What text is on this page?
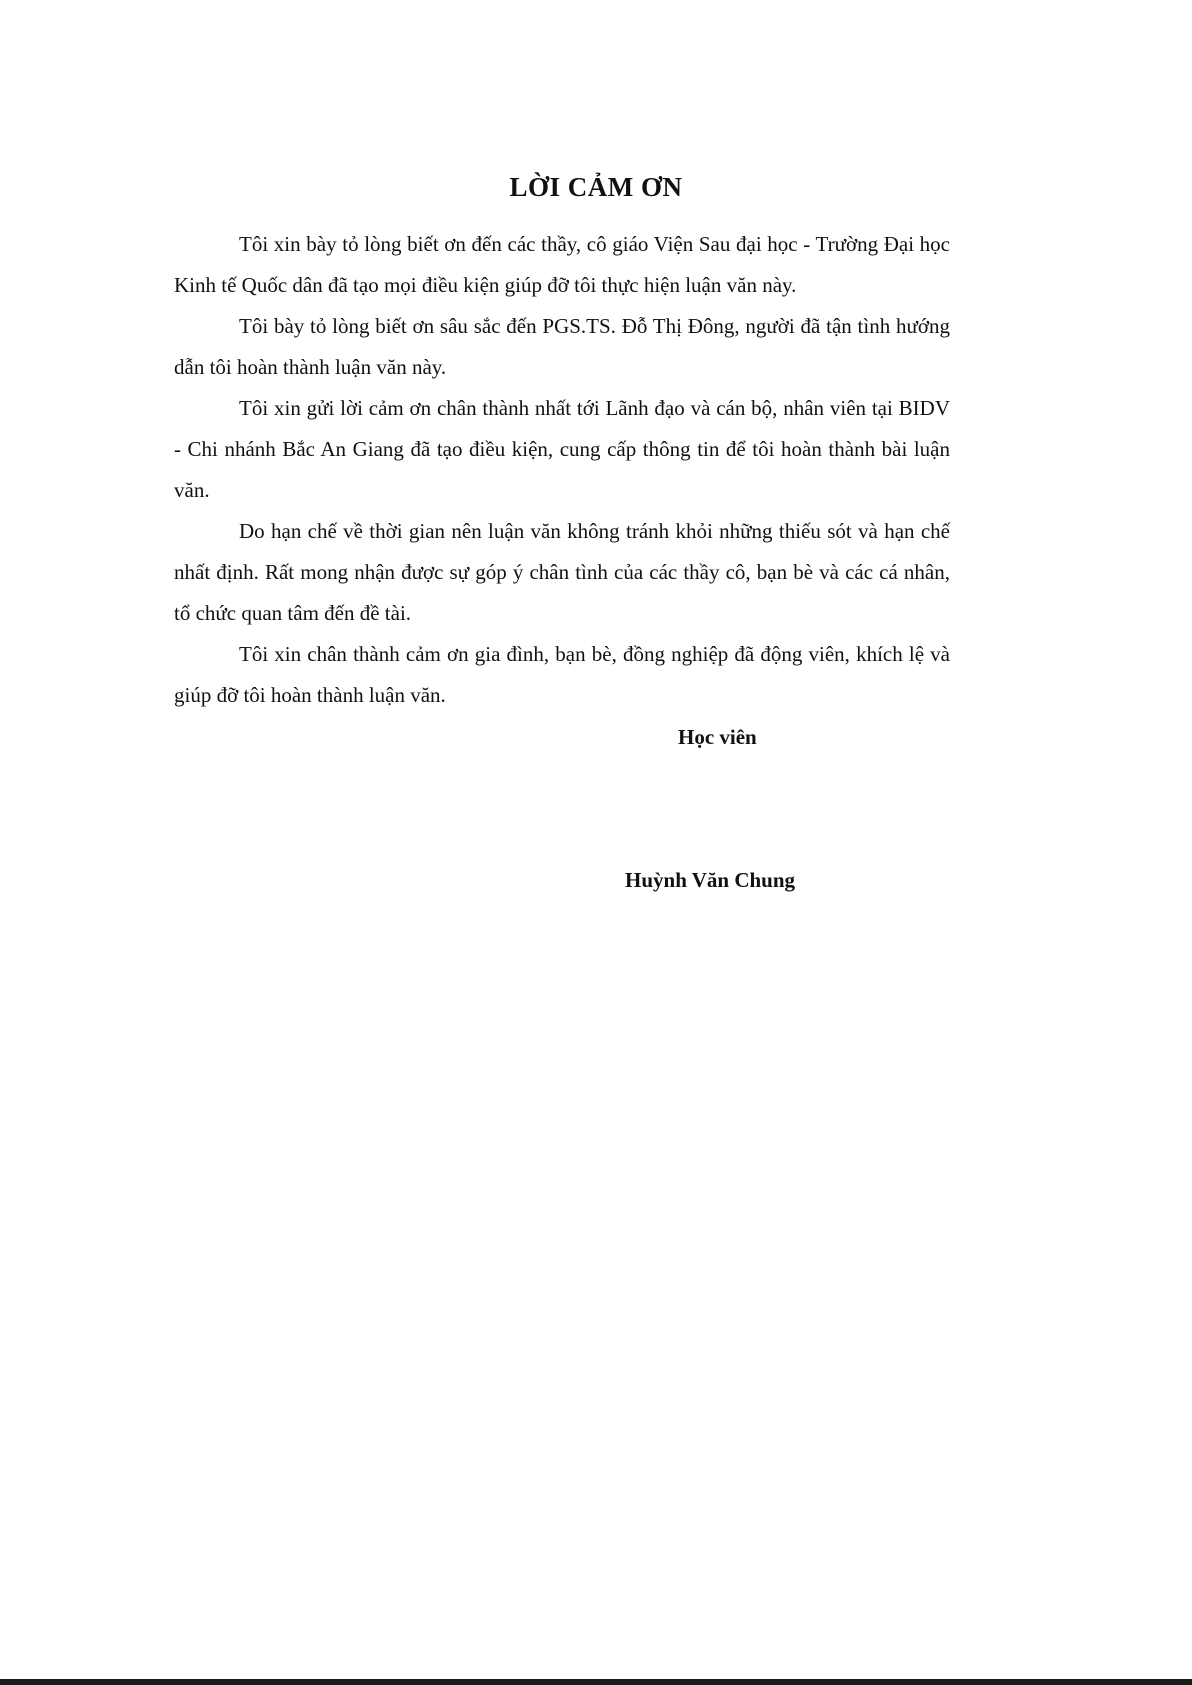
LỜI CẢM ƠN

Tôi xin bày tỏ lòng biết ơn đến các thầy, cô giáo Viện Sau đại học - Trường Đại học Kinh tế Quốc dân đã tạo mọi điều kiện giúp đỡ tôi thực hiện luận văn này.

Tôi bày tỏ lòng biết ơn sâu sắc đến PGS.TS. Đỗ Thị Đông, người đã tận tình hướng dẫn tôi hoàn thành luận văn này.

Tôi xin gửi lời cảm ơn chân thành nhất tới Lãnh đạo và cán bộ, nhân viên tại BIDV - Chi nhánh Bắc An Giang đã tạo điều kiện, cung cấp thông tin để tôi hoàn thành bài luận văn.

Do hạn chế về thời gian nên luận văn không tránh khỏi những thiếu sót và hạn chế nhất định. Rất mong nhận được sự góp ý chân tình của các thầy cô, bạn bè và các cá nhân, tổ chức quan tâm đến đề tài.

Tôi xin chân thành cảm ơn gia đình, bạn bè, đồng nghiệp đã động viên, khích lệ và giúp đỡ tôi hoàn thành luận văn.

Học viên
Huỳnh Văn Chung
